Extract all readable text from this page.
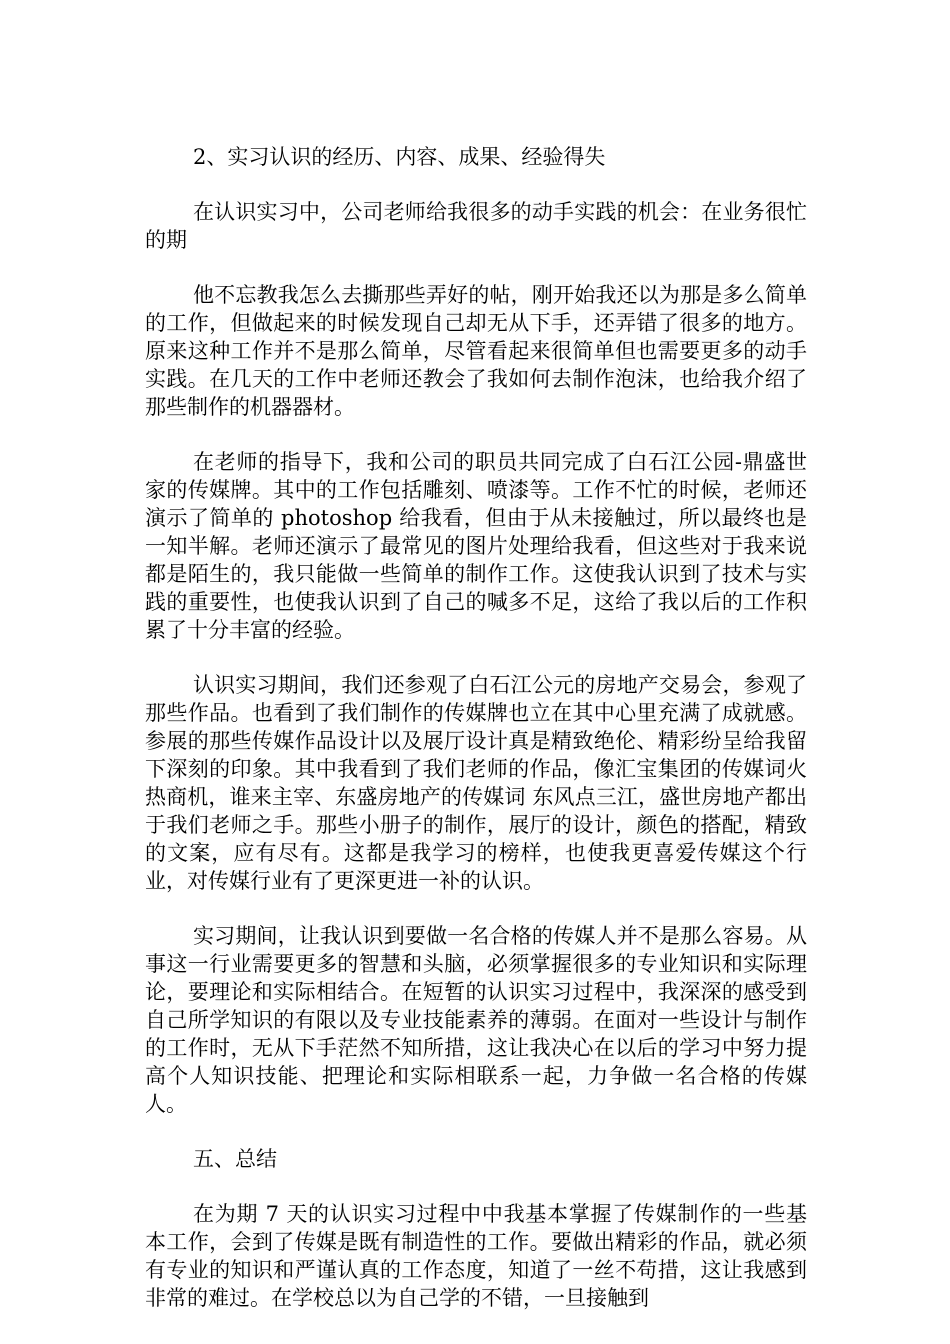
2、实习认识的经历、内容、成果、经验得失

在认识实习中，公司老师给我很多的动手实践的机会：在业务很忙的期

他不忘教我怎么去撕那些弄好的帖，刚开始我还以为那是多么简单的工作，但做起来的时候发现自己却无从下手，还弄错了很多的地方。原来这种工作并不是那么简单，尽管看起来很简单但也需要更多的动手实践。在几天的工作中老师还教会了我如何去制作泡沫，也给我介绍了那些制作的机器器材。

在老师的指导下，我和公司的职员共同完成了白石江公园-鼎盛世家的传媒牌。其中的工作包括雕刻、喷漆等。工作不忙的时候，老师还演示了简单的 photoshop 给我看，但由于从未接触过，所以最终也是一知半解。老师还演示了最常见的图片处理给我看，但这些对于我来说都是陌生的，我只能做一些简单的制作工作。这使我认识到了技术与实践的重要性，也使我认识到了自己的喊多不足，这给了我以后的工作积累了十分丰富的经验。

认识实习期间，我们还参观了白石江公元的房地产交易会，参观了那些作品。也看到了我们制作的传媒牌也立在其中心里充满了成就感。参展的那些传媒作品设计以及展厅设计真是精致绝伦、精彩纷呈给我留下深刻的印象。其中我看到了我们老师的作品，像汇宝集团的传媒词火热商机，谁来主宰、东盛房地产的传媒词 东风点三江，盛世房地产都出于我们老师之手。那些小册子的制作，展厅的设计，颜色的搭配，精致的文案，应有尽有。这都是我学习的榜样，也使我更喜爱传媒这个行业，对传媒行业有了更深更进一补的认识。

实习期间，让我认识到要做一名合格的传媒人并不是那么容易。从事这一行业需要更多的智慧和头脑，必须掌握很多的专业知识和实际理论，要理论和实际相结合。在短暂的认识实习过程中，我深深的感受到自己所学知识的有限以及专业技能素养的薄弱。在面对一些设计与制作的工作时，无从下手茫然不知所措，这让我决心在以后的学习中努力提高个人知识技能、把理论和实际相联系一起，力争做一名合格的传媒人。

五、总结

在为期 7 天的认识实习过程中中我基本掌握了传媒制作的一些基本工作，会到了传媒是既有制造性的工作。要做出精彩的作品，就必须有专业的知识和严谨认真的工作态度，知道了一丝不苟措，这让我感到非常的难过。在学校总以为自己学的不错，一旦接触到
